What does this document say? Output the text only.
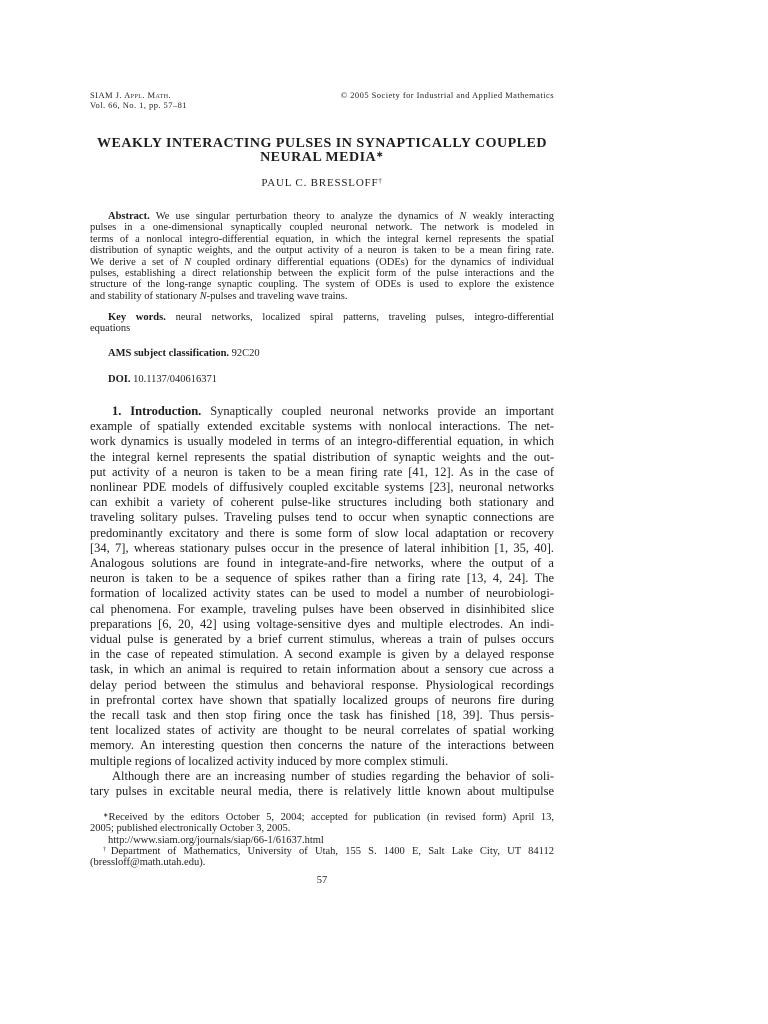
SIAM J. Appl. Math.
Vol. 66, No. 1, pp. 57–81
© 2005 Society for Industrial and Applied Mathematics
WEAKLY INTERACTING PULSES IN SYNAPTICALLY COUPLED
NEURAL MEDIA∗
PAUL C. BRESSLOFF†
Abstract. We use singular perturbation theory to analyze the dynamics of N weakly interacting
pulses in a one-dimensional synaptically coupled neuronal network. The network is modeled in
terms of a nonlocal integro-differential equation, in which the integral kernel represents the spatial
distribution of synaptic weights, and the output activity of a neuron is taken to be a mean firing rate.
We derive a set of N coupled ordinary differential equations (ODEs) for the dynamics of individual
pulses, establishing a direct relationship between the explicit form of the pulse interactions and the
structure of the long-range synaptic coupling. The system of ODEs is used to explore the existence
and stability of stationary N-pulses and traveling wave trains.
Key words. neural networks, localized spiral patterns, traveling pulses, integro-differential
equations
AMS subject classification. 92C20
DOI. 10.1137/040616371
1. Introduction. Synaptically coupled neuronal networks provide an important
example of spatially extended excitable systems with nonlocal interactions. The net-
work dynamics is usually modeled in terms of an integro-differential equation, in which
the integral kernel represents the spatial distribution of synaptic weights and the out-
put activity of a neuron is taken to be a mean firing rate [41, 12]. As in the case of
nonlinear PDE models of diffusively coupled excitable systems [23], neuronal networks
can exhibit a variety of coherent pulse-like structures including both stationary and
traveling solitary pulses. Traveling pulses tend to occur when synaptic connections are
predominantly excitatory and there is some form of slow local adaptation or recovery
[34, 7], whereas stationary pulses occur in the presence of lateral inhibition [1, 35, 40].
Analogous solutions are found in integrate-and-fire networks, where the output of a
neuron is taken to be a sequence of spikes rather than a firing rate [13, 4, 24]. The
formation of localized activity states can be used to model a number of neurobiologi-
cal phenomena. For example, traveling pulses have been observed in disinhibited slice
preparations [6, 20, 42] using voltage-sensitive dyes and multiple electrodes. An indi-
vidual pulse is generated by a brief current stimulus, whereas a train of pulses occurs
in the case of repeated stimulation. A second example is given by a delayed response
task, in which an animal is required to retain information about a sensory cue across a
delay period between the stimulus and behavioral response. Physiological recordings
in prefrontal cortex have shown that spatially localized groups of neurons fire during
the recall task and then stop firing once the task has finished [18, 39]. Thus persis-
tent localized states of activity are thought to be neural correlates of spatial working
memory. An interesting question then concerns the nature of the interactions between
multiple regions of localized activity induced by more complex stimuli.
Although there are an increasing number of studies regarding the behavior of soli-
tary pulses in excitable neural media, there is relatively little known about multipulse
∗Received by the editors October 5, 2004; accepted for publication (in revised form) April 13,
2005; published electronically October 3, 2005.
http://www.siam.org/journals/siap/66-1/61637.html
†Department of Mathematics, University of Utah, 155 S. 1400 E, Salt Lake City, UT 84112
(bressloff@math.utah.edu).
57
